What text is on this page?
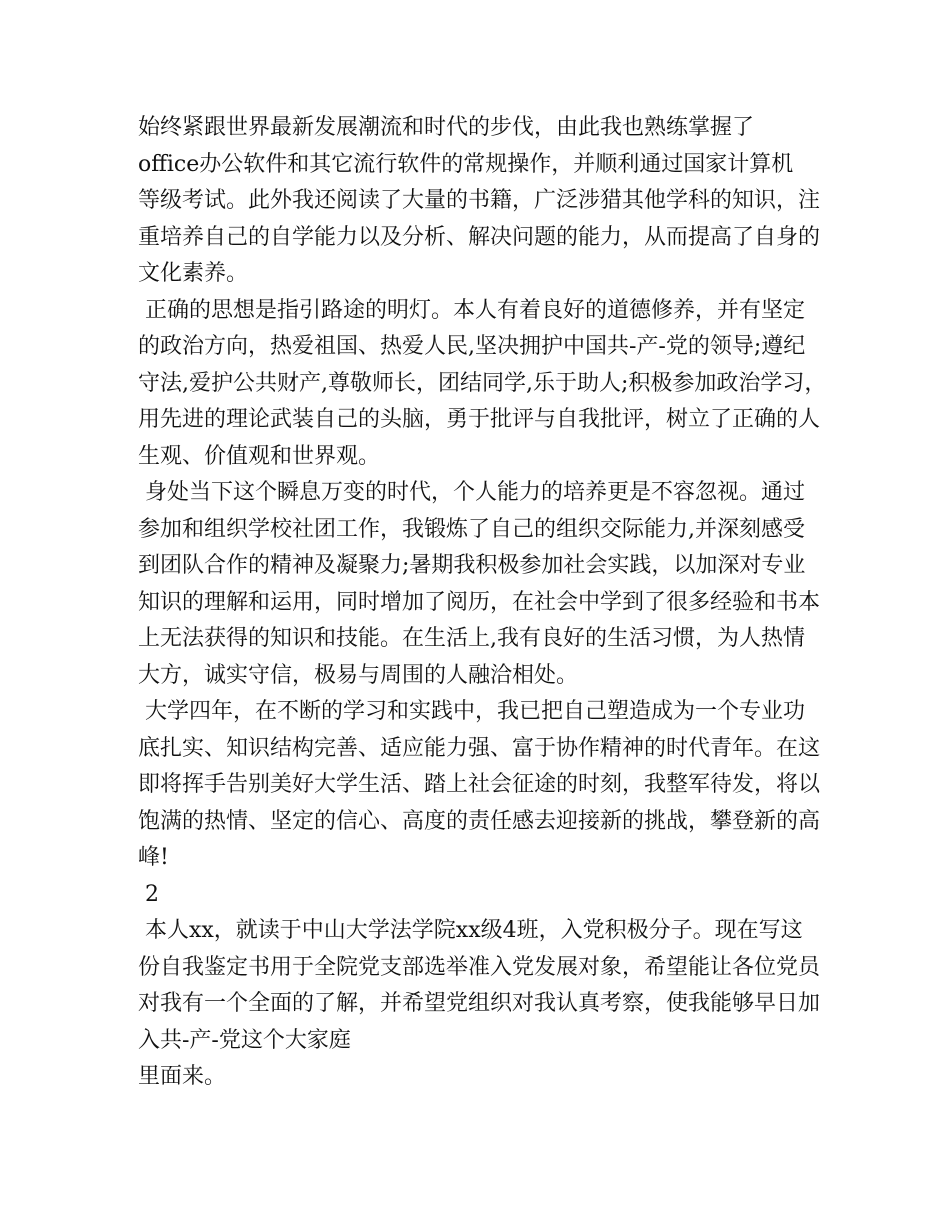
始终紧跟世界最新发展潮流和时代的步伐，由此我也熟练掌握了
office办公软件和其它流行软件的常规操作，并顺利通过国家计算机
等级考试。此外我还阅读了大量的书籍，广泛涉猎其他学科的知识，注
重培养自己的自学能力以及分析、解决问题的能力，从而提高了自身的
文化素养。
正确的思想是指引路途的明灯。本人有着良好的道德修养，并有坚定
的政治方向，热爱祖国、热爱人民,坚决拥护中国共-产-党的领导;遵纪
守法,爱护公共财产,尊敬师长，团结同学,乐于助人;积极参加政治学习，
用先进的理论武装自己的头脑，勇于批评与自我批评，树立了正确的人
生观、价值观和世界观。
身处当下这个瞬息万变的时代，个人能力的培养更是不容忽视。通过
参加和组织学校社团工作，我锻炼了自己的组织交际能力,并深刻感受
到团队合作的精神及凝聚力;暑期我积极参加社会实践，以加深对专业
知识的理解和运用，同时增加了阅历，在社会中学到了很多经验和书本
上无法获得的知识和技能。在生活上,我有良好的生活习惯，为人热情
大方，诚实守信，极易与周围的人融洽相处。
大学四年，在不断的学习和实践中，我已把自己塑造成为一个专业功
底扎实、知识结构完善、适应能力强、富于协作精神的时代青年。在这
即将挥手告别美好大学生活、踏上社会征途的时刻，我整军待发，将以
饱满的热情、坚定的信心、高度的责任感去迎接新的挑战，攀登新的高
峰!
2
本人xx，就读于中山大学法学院xx级4班，入党积极分子。现在写这
份自我鉴定书用于全院党支部选举准入党发展对象，希望能让各位党员
对我有一个全面的了解，并希望党组织对我认真考察，使我能够早日加
入共-产-党这个大家庭
里面来。
